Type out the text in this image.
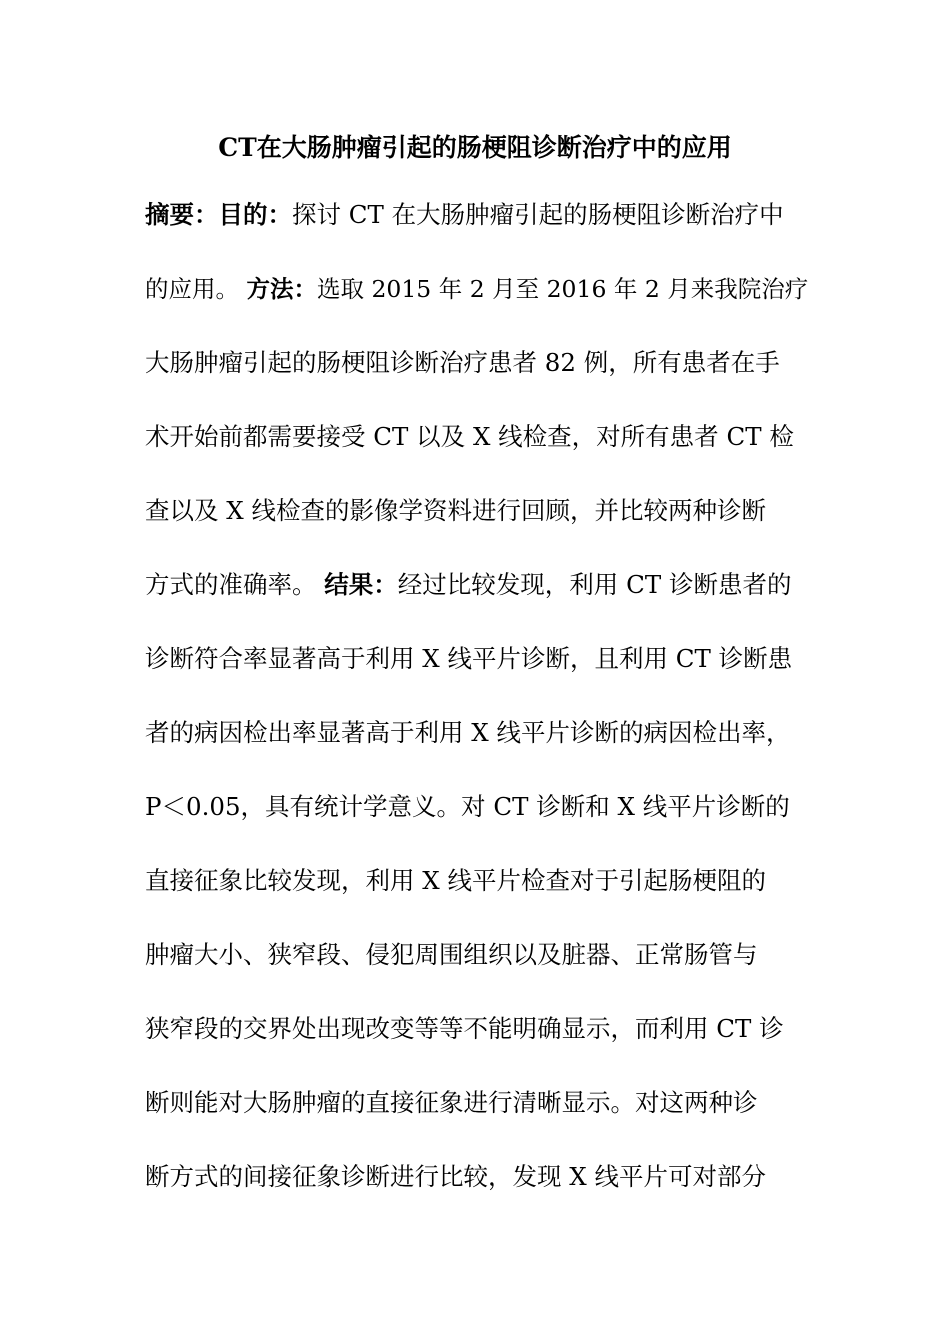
CT在大肠肿瘤引起的肠梗阻诊断治疗中的应用

摘要：目的：探讨 CT 在大肠肿瘤引起的肠梗阻诊断治疗中

的应用。 方法：选取 2015 年 2 月至 2016 年 2 月来我院治疗

大肠肿瘤引起的肠梗阻诊断治疗患者 82 例，所有患者在手

术开始前都需要接受 CT 以及 X 线检查，对所有患者 CT 检

查以及 X 线检查的影像学资料进行回顾，并比较两种诊断

方式的准确率。 结果：经过比较发现，利用 CT 诊断患者的

诊断符合率显著高于利用 X 线平片诊断，且利用 CT 诊断患

者的病因检出率显著高于利用 X 线平片诊断的病因检出率，

P＜0.05，具有统计学意义。对 CT 诊断和 X 线平片诊断的

直接征象比较发现，利用 X 线平片检查对于引起肠梗阻的

肿瘤大小、狭窄段、侵犯周围组织以及脏器、正常肠管与

狭窄段的交界处出现改变等等不能明确显示，而利用 CT 诊

断则能对大肠肿瘤的直接征象进行清晰显示。对这两种诊

断方式的间接征象诊断进行比较，发现 X 线平片可对部分
